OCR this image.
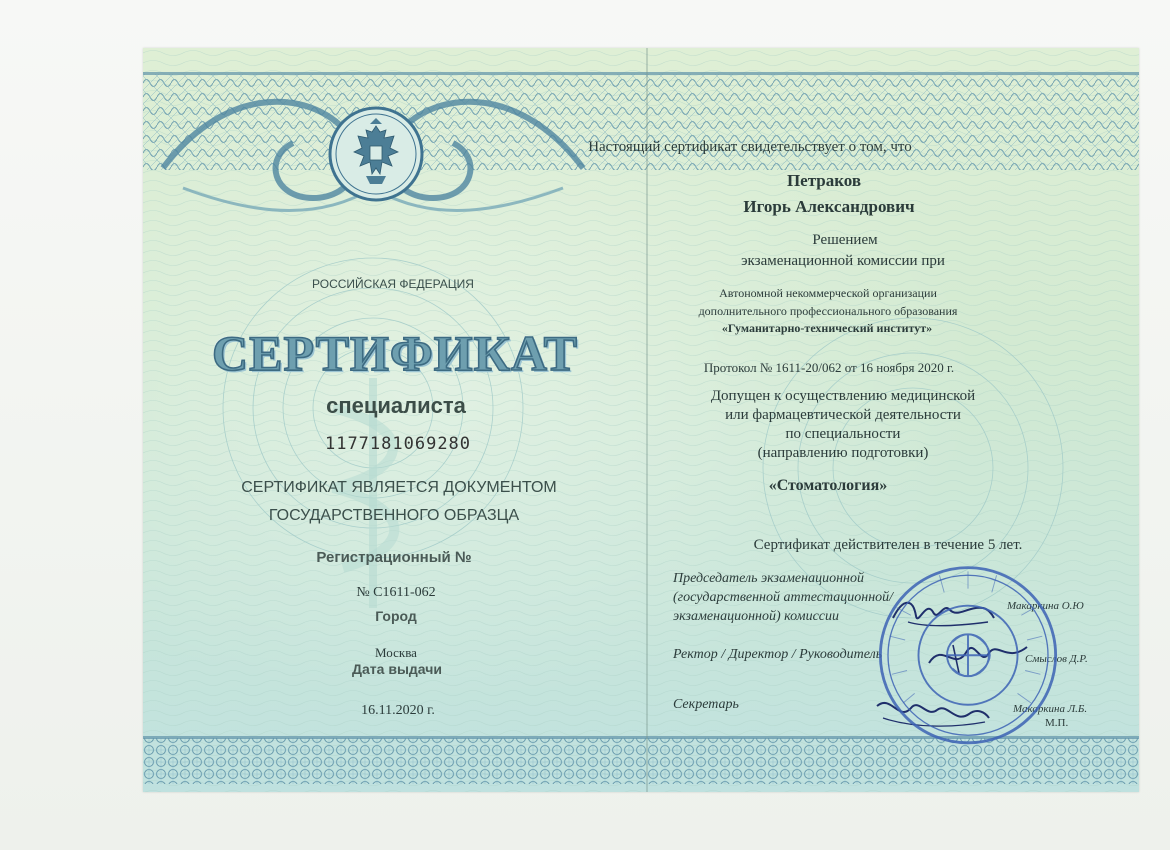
РОССИЙСКАЯ ФЕДЕРАЦИЯ
СЕРТИФИКАТ
специалиста
1177181069280
СЕРТИФИКАТ ЯВЛЯЕТСЯ ДОКУМЕНТОМ
ГОСУДАРСТВЕННОГО ОБРАЗЦА
Регистрационный №
№ С1611-062
Город
Москва
Дата выдачи
16.11.2020 г.
Настоящий сертификат свидетельствует о том, что
Петраков
Игорь Александрович
Решением
экзаменационной комиссии при
Автономной некоммерческой организации
дополнительного профессионального образования
«Гуманитарно-технический институт»
Протокол № 1611-20/062 от 16 ноября 2020 г.
Допущен к осуществлению медицинской
или фармацевтической деятельности
по специальности
(направлению подготовки)
«Стоматология»
Сертификат действителен в течение 5 лет.
Председатель экзаменационной
(государственной аттестационной/
экзаменационной) комиссии
Макаркина О.Ю
Ректор / Директор / Руководитель	Смыслов Д.Р.
Секретарь	Макаркина Л.Б.
М.П.
